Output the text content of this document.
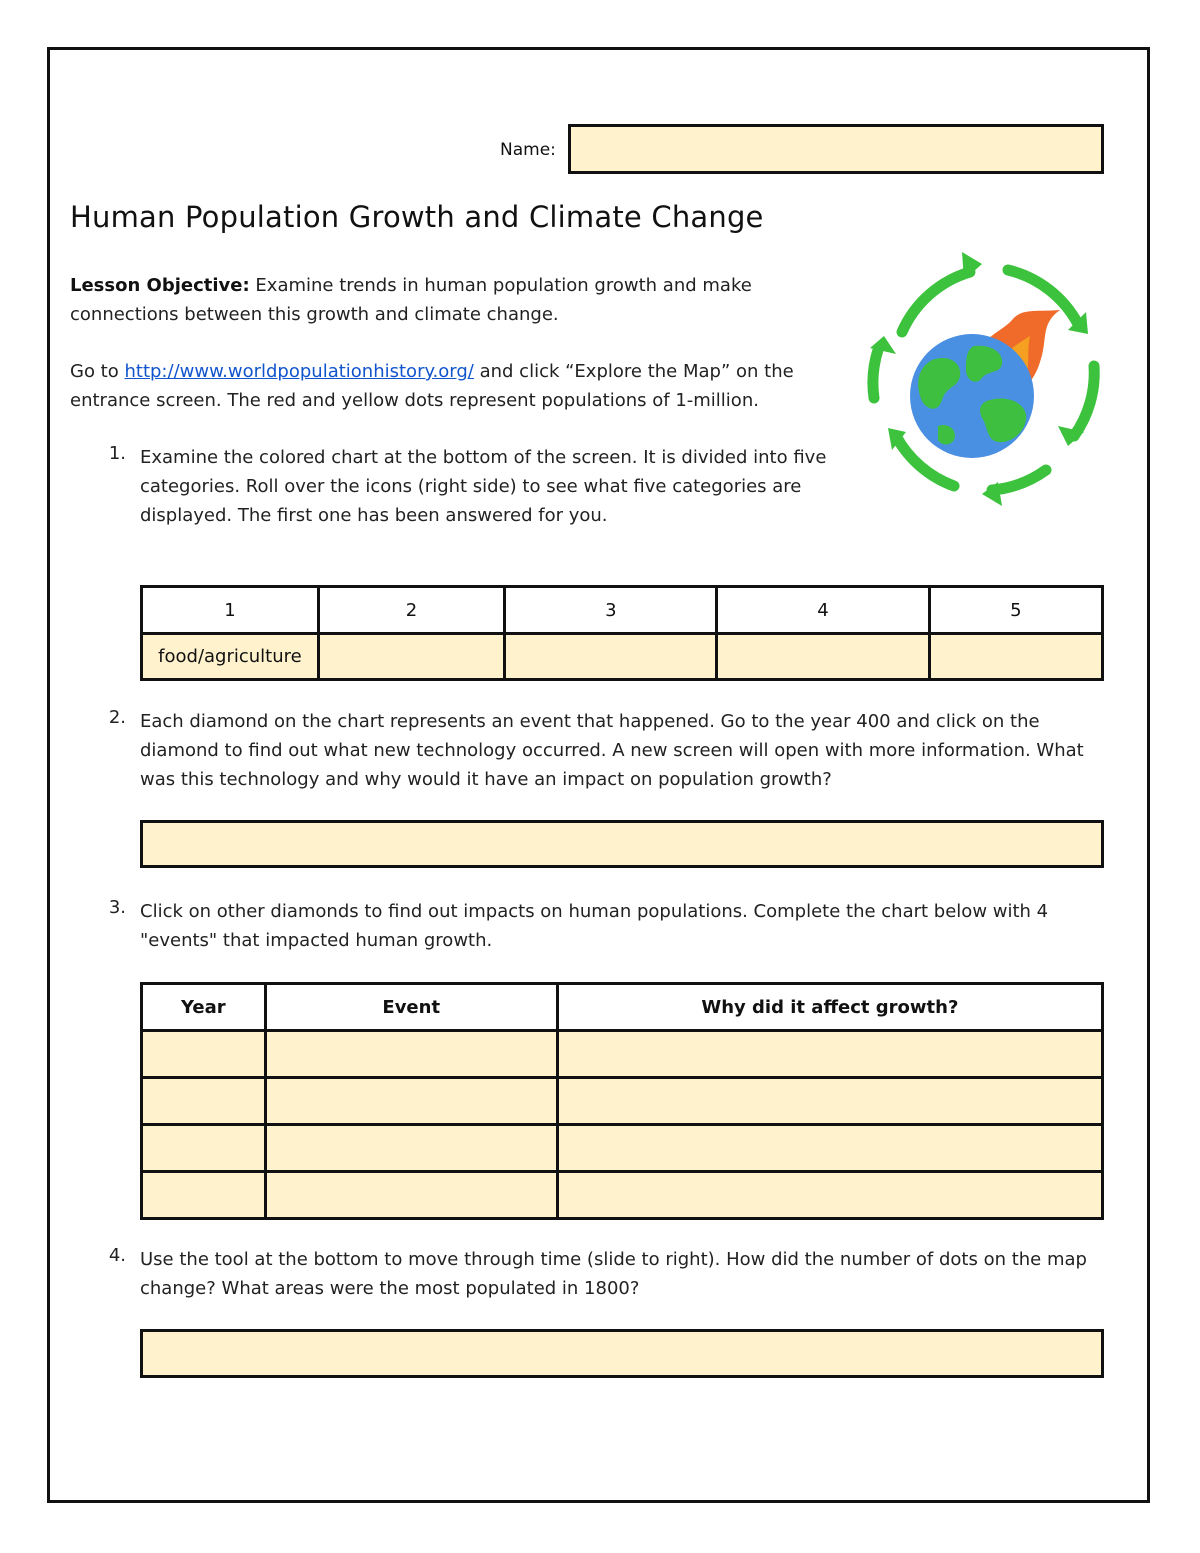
Name:
Human Population Growth and Climate Change
Lesson Objective: Examine trends in human population growth and make connections between this growth and climate change.
Go to http://www.worldpopulationhistory.org/ and click “Explore the Map” on the entrance screen. The red and yellow dots represent populations of 1-million.
1. Examine the colored chart at the bottom of the screen. It is divided into five categories. Roll over the icons (right side) to see what five categories are displayed. The first one has been answered for you.
1	2	3	4	5
food/agriculture				
2. Each diamond on the chart represents an event that happened. Go to the year 400 and click on the diamond to find out what new technology occurred. A new screen will open with more information. What was this technology and why would it have an impact on population growth?
3. Click on other diamonds to find out impacts on human populations. Complete the chart below with 4 "events" that impacted human growth.
Year	Event	Why did it affect growth?

4. Use the tool at the bottom to move through time (slide to right). How did the number of dots on the map change? What areas were the most populated in 1800?
